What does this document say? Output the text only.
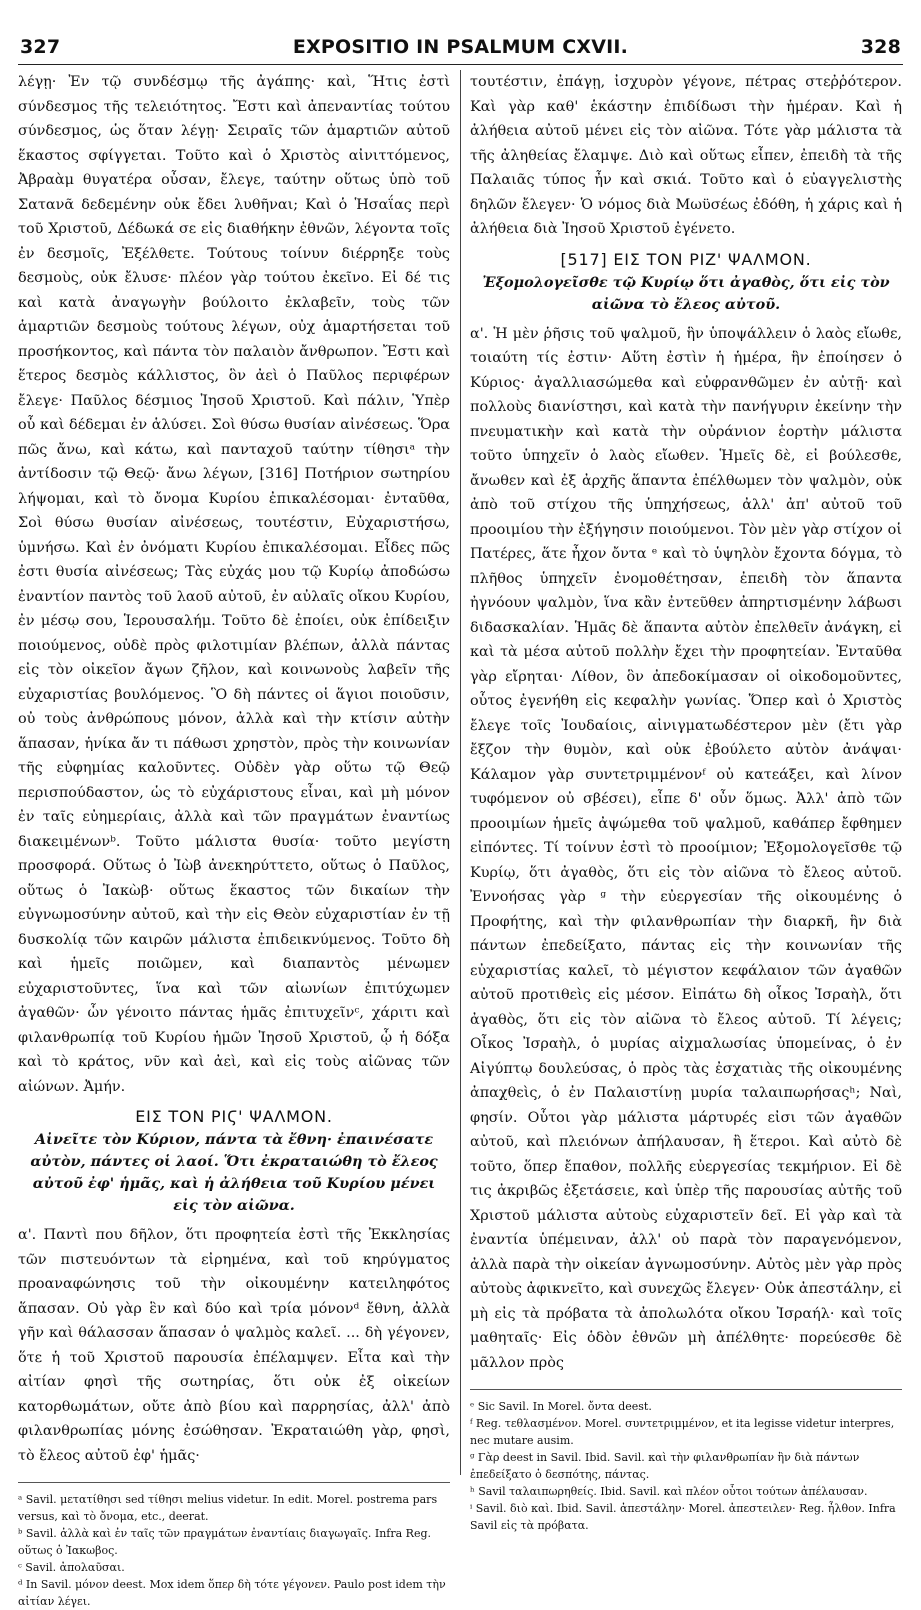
327	EXPOSITIO IN PSALMUM CXVII.	328

λέγῃ· Ἐν τῷ συνδέσμῳ τῆς ἀγάπης· καὶ, Ἥτις ἐστὶ σύνδεσμος τῆς τελειότητος. Ἔστι καὶ ἀπεναντίας τούτου σύνδεσμος, ὡς ὅταν λέγῃ· Σειραῖς τῶν ἁμαρτιῶν αὐτοῦ ἕκαστος σφίγγεται. Τοῦτο καὶ ὁ Χριστὸς αἰνιττόμενος, Ἀβραὰμ θυγατέρα οὖσαν, ἔλεγε, ταύτην οὕτως ὑπὸ τοῦ Σατανᾶ δεδεμένην οὐκ ἔδει λυθῆναι; Καὶ ὁ Ἡσαΐας περὶ τοῦ Χριστοῦ, Δέδωκά σε εἰς διαθήκην ἐθνῶν, λέγοντα τοῖς ἐν δεσμοῖς, Ἐξέλθετε. Τούτους τοίνυν διέρρηξε τοὺς δεσμοὺς, οὐκ ἔλυσε· πλέον γὰρ τούτου ἐκεῖνο. Εἰ δέ τις καὶ κατὰ ἀναγωγὴν βούλοιτο ἐκλαβεῖν, τοὺς τῶν ἁμαρτιῶν δεσμοὺς τούτους λέγων, οὐχ ἁμαρτήσεται τοῦ προσήκοντος, καὶ πάντα τὸν παλαιὸν ἄνθρωπον. Ἔστι καὶ ἕτερος δεσμὸς κάλλιστος, ὃν ἀεὶ ὁ Παῦλος περιφέρων ἔλεγε· Παῦλος δέσμιος Ἰησοῦ Χριστοῦ. Καὶ πάλιν, Ὑπὲρ οὗ καὶ δέδεμαι ἐν ἁλύσει. Σοὶ θύσω θυσίαν αἰνέσεως. Ὅρα πῶς ἄνω, καὶ κάτω, καὶ πανταχοῦ ταύτην τίθησιᵃ τὴν ἀντίδοσιν τῷ Θεῷ· ἄνω λέγων, [316] Ποτήριον σωτηρίου λήψομαι, καὶ τὸ ὄνομα Κυρίου ἐπικαλέσομαι· ἐνταῦθα, Σοὶ θύσω θυσίαν αἰνέσεως, τουτέστιν, Εὐχαριστήσω, ὑμνήσω. Καὶ ἐν ὀνόματι Κυρίου ἐπικαλέσομαι. Εἶδες πῶς ἐστι θυσία αἰνέσεως; Τὰς εὐχάς μου τῷ Κυρίῳ ἀποδώσω ἐναντίον παντὸς τοῦ λαοῦ αὐτοῦ, ἐν αὐλαῖς οἴκου Κυρίου, ἐν μέσῳ σου, Ἱερουσαλήμ. Τοῦτο δὲ ἐποίει, οὐκ ἐπίδειξιν ποιούμενος, οὐδὲ πρὸς φιλοτιμίαν βλέπων, ἀλλὰ πάντας εἰς τὸν οἰκεῖον ἄγων ζῆλον, καὶ κοινωνοὺς λαβεῖν τῆς εὐχαριστίας βουλόμενος. Ὃ δὴ πάντες οἱ ἅγιοι ποιοῦσιν, οὐ τοὺς ἀνθρώπους μόνον, ἀλλὰ καὶ τὴν κτίσιν αὐτὴν ἅπασαν, ἡνίκα ἄν τι πάθωσι χρηστὸν, πρὸς τὴν κοινωνίαν τῆς εὐφημίας καλοῦντες. Οὐδὲν γὰρ οὕτω τῷ Θεῷ περισπούδαστον, ὡς τὸ εὐχάριστους εἶναι, καὶ μὴ μόνον ἐν ταῖς εὐημερίαις, ἀλλὰ καὶ τῶν πραγμάτων ἐναντίως διακειμένωνᵇ. Τοῦτο μάλιστα θυσία· τοῦτο μεγίστη προσφορά. Οὕτως ὁ Ἰὼβ ἀνεκηρύττετο, οὕτως ὁ Παῦλος, οὕτως ὁ Ἰακὼβ· οὕτως ἕκαστος τῶν δικαίων τὴν εὐγνωμοσύνην αὐτοῦ, καὶ τὴν εἰς Θεὸν εὐχαριστίαν ἐν τῇ δυσκολίᾳ τῶν καιρῶν μάλιστα ἐπιδεικνύμενος. Τοῦτο δὴ καὶ ἡμεῖς ποιῶμεν, καὶ διαπαντὸς μένωμεν εὐχαριστοῦντες, ἵνα καὶ τῶν αἰωνίων ἐπιτύχωμεν ἀγαθῶν· ὧν γένοιτο πάντας ἡμᾶς ἐπιτυχεῖνᶜ, χάριτι καὶ φιλανθρωπίᾳ τοῦ Κυρίου ἡμῶν Ἰησοῦ Χριστοῦ, ᾧ ἡ δόξα καὶ τὸ κράτος, νῦν καὶ ἀεὶ, καὶ εἰς τοὺς αἰῶνας τῶν αἰώνων. Ἀμήν.

ΕΙΣ ΤΟΝ ΡΙϚ' ΨΑΛΜΟΝ.

Αἰνεῖτε τὸν Κύριον, πάντα τὰ ἔθνη· ἐπαινέσατε αὐτὸν, πάντες οἱ λαοί. Ὅτι ἐκραταιώθη τὸ ἔλεος αὐτοῦ ἐφ' ἡμᾶς, καὶ ἡ ἀλήθεια τοῦ Κυρίου μένει εἰς τὸν αἰῶνα.

α'. Παντὶ που δῆλον, ὅτι προφητεία ἐστὶ τῆς Ἐκκλησίας τῶν πιστευόντων τὰ εἰρημένα, καὶ τοῦ κηρύγματος προαναφώνησις τοῦ τὴν οἰκουμένην κατειληφότος ἅπασαν. Οὐ γὰρ ἓν καὶ δύο καὶ τρία μόνονᵈ ἔθνη, ἀλλὰ γῆν καὶ θάλασσαν ἅπασαν ὁ ψαλμὸς καλεῖ. ... δὴ γέγονεν, ὅτε ἡ τοῦ Χριστοῦ παρουσία ἐπέλαμψεν. Εἶτα καὶ τὴν αἰτίαν φησὶ τῆς σωτηρίας, ὅτι οὐκ ἐξ οἰκείων κατορθωμάτων, οὔτε ἀπὸ βίου καὶ παρρησίας, ἀλλ' ἀπὸ φιλανθρωπίας μόνης ἐσώθησαν. Ἐκραταιώθη γὰρ, φησὶ, τὸ ἔλεος αὐτοῦ ἐφ' ἡμᾶς·

ᵃ Savil. μετατίθησι sed τίθησι melius videtur. In edit. Morel. postrema pars versus, καὶ τὸ ὄνομα, etc., deerat.

ᵇ Savil. ἀλλὰ καὶ ἐν ταῖς τῶν πραγμάτων ἐναντίαις διαγωγαῖς. Infra Reg. οὕτως ὁ Ἰακωβος.

ᶜ Savil. ἀπολαῦσαι.

ᵈ In Savil. μόνον deest. Mox idem ὅπερ δὴ τότε γέγονεν. Paulo post idem τὴν αἰτίαν λέγει.

τουτέστιν, ἐπάγῃ, ἰσχυρὸν γέγονε, πέτρας στεῤῥότερον. Καὶ γὰρ καθ' ἑκάστην ἐπιδίδωσι τὴν ἡμέραν. Καὶ ἡ ἀλήθεια αὐτοῦ μένει εἰς τὸν αἰῶνα. Τότε γὰρ μάλιστα τὰ τῆς ἀληθείας ἔλαμψε. Διὸ καὶ οὕτως εἶπεν, ἐπειδὴ τὰ τῆς Παλαιᾶς τύπος ἦν καὶ σκιά. Τοῦτο καὶ ὁ εὐαγγελιστὴς δηλῶν ἔλεγεν· Ὁ νόμος διὰ Μωϋσέως ἐδόθη, ἡ χάρις καὶ ἡ ἀλήθεια διὰ Ἰησοῦ Χριστοῦ ἐγένετο.

[517] ΕΙΣ ΤΟΝ ΡΙΖ' ΨΑΛΜΟΝ.

Ἐξομολογεῖσθε τῷ Κυρίῳ ὅτι ἀγαθὸς, ὅτι εἰς τὸν αἰῶνα τὸ ἔλεος αὐτοῦ.

α'. Ἡ μὲν ῥῆσις τοῦ ψαλμοῦ, ἣν ὑποψάλλειν ὁ λαὸς εἴωθε, τοιαύτη τίς ἐστιν· Αὕτη ἐστὶν ἡ ἡμέρα, ἣν ἐποίησεν ὁ Κύριος· ἀγαλλιασώμεθα καὶ εὐφρανθῶμεν ἐν αὐτῇ· καὶ πολλοὺς διανίστησι, καὶ κατὰ τὴν πανήγυριν ἐκείνην τὴν πνευματικὴν καὶ κατὰ τὴν οὐράνιον ἑορτὴν μάλιστα τοῦτο ὑπηχεῖν ὁ λαὸς εἴωθεν. Ἡμεῖς δὲ, εἰ βούλεσθε, ἄνωθεν καὶ ἐξ ἀρχῆς ἅπαντα ἐπέλθωμεν τὸν ψαλμὸν, οὐκ ἀπὸ τοῦ στίχου τῆς ὑπηχήσεως, ἀλλ' ἀπ' αὐτοῦ τοῦ προοιμίου τὴν ἐξήγησιν ποιούμενοι. Τὸν μὲν γὰρ στίχον οἱ Πατέρες, ἅτε ἦχον ὄντα ᵉ καὶ τὸ ὑψηλὸν ἔχοντα δόγμα, τὸ πλῆθος ὑπηχεῖν ἐνομοθέτησαν, ἐπειδὴ τὸν ἅπαντα ἠγνόουν ψαλμὸν, ἵνα κἂν ἐντεῦθεν ἀπηρτισμένην λάβωσι διδασκαλίαν. Ἡμᾶς δὲ ἅπαντα αὐτὸν ἐπελθεῖν ἀνάγκη, εἰ καὶ τὰ μέσα αὐτοῦ πολλὴν ἔχει τὴν προφητείαν. Ἐνταῦθα γὰρ εἴρηται· Λίθον, ὃν ἀπεδοκίμασαν οἱ οἰκοδομοῦντες, οὗτος ἐγενήθη εἰς κεφαλὴν γωνίας. Ὅπερ καὶ ὁ Χριστὸς ἔλεγε τοῖς Ἰουδαίοις, αἰνιγματωδέστερον μὲν (ἔτι γὰρ ἔξζον τὴν θυμὸν, καὶ οὐκ ἐβούλετο αὐτὸν ἀνάψαι· Κάλαμον γὰρ συντετριμμένονᶠ οὐ κατεάξει, καὶ λίνον τυφόμενον οὐ σβέσει), εἶπε δ' οὖν ὅμως. Ἀλλ' ἀπὸ τῶν προοιμίων ἡμεῖς ἀψώμεθα τοῦ ψαλμοῦ, καθάπερ ἔφθημεν εἰπόντες. Τί τοίνυν ἐστὶ τὸ προοίμιον; Ἐξομολογεῖσθε τῷ Κυρίῳ, ὅτι ἀγαθὸς, ὅτι εἰς τὸν αἰῶνα τὸ ἔλεος αὐτοῦ. Ἐννοήσας γὰρ ᵍ τὴν εὐεργεσίαν τῆς οἰκουμένης ὁ Προφήτης, καὶ τὴν φιλανθρωπίαν τὴν διαρκῆ, ἣν διὰ πάντων ἐπεδείξατο, πάντας εἰς τὴν κοινωνίαν τῆς εὐχαριστίας καλεῖ, τὸ μέγιστον κεφάλαιον τῶν ἀγαθῶν αὐτοῦ προτιθεὶς εἰς μέσον. Εἰπάτω δὴ οἶκος Ἰσραὴλ, ὅτι ἀγαθὸς, ὅτι εἰς τὸν αἰῶνα τὸ ἔλεος αὐτοῦ. Τί λέγεις; Οἶκος Ἰσραὴλ, ὁ μυρίας αἰχμαλωσίας ὑπομείνας, ὁ ἐν Αἰγύπτῳ δουλεύσας, ὁ πρὸς τὰς ἐσχατιὰς τῆς οἰκουμένης ἀπαχθεὶς, ὁ ἐν Παλαιστίνῃ μυρία ταλαιπωρήσαςʰ; Ναὶ, φησίν. Οὗτοι γὰρ μάλιστα μάρτυρές εἰσι τῶν ἀγαθῶν αὐτοῦ, καὶ πλειόνων ἀπήλαυσαν, ἢ ἕτεροι. Καὶ αὐτὸ δὲ τοῦτο, ὅπερ ἔπαθον, πολλῆς εὐεργεσίας τεκμήριον. Εἰ δὲ τις ἀκριβῶς ἐξετάσειε, καὶ ὑπὲρ τῆς παρουσίας αὐτῆς τοῦ Χριστοῦ μάλιστα αὐτοὺς εὐχαριστεῖν δεῖ. Εἰ γὰρ καὶ τὰ ἐναντία ὑπέμειναν, ἀλλ' οὐ παρὰ τὸν παραγενόμενον, ἀλλὰ παρὰ τὴν οἰκείαν ἀγνωμοσύνην. Αὐτὸς μὲν γὰρ πρὸς αὐτοὺς ἀφικνεῖτο, καὶ συνεχῶς ἔλεγεν· Οὐκ ἀπεστάλην, εἰ μὴ εἰς τὰ πρόβατα τὰ ἀπολωλότα οἴκου Ἰσραήλ· καὶ τοῖς μαθηταῖς· Εἰς ὁδὸν ἐθνῶν μὴ ἀπέλθητε· πορεύεσθε δὲ μᾶλλον πρὸς

ᵉ Sic Savil. In Morel. ὄντα deest.

ᶠ Reg. τεθλασμένον. Morel. συντετριμμένον, et ita legisse videtur interpres, nec mutare ausim.

ᵍ Γὰρ deest in Savil. Ibid. Savil. καὶ τὴν φιλανθρωπίαν ἣν διὰ πάντων ἐπεδείξατο ὁ δεσπότης, πάντας.

ʰ Savil ταλαιπωρηθείς. Ibid. Savil. καὶ πλέον οὗτοι τούτων ἀπέλαυσαν.

ⁱ Savil. διὸ καὶ. Ibid. Savil. ἀπεστάλην· Morel. ἀπεστειλεν· Reg. ἦλθον. Infra Savil εἰς τὰ πρόβατα.
